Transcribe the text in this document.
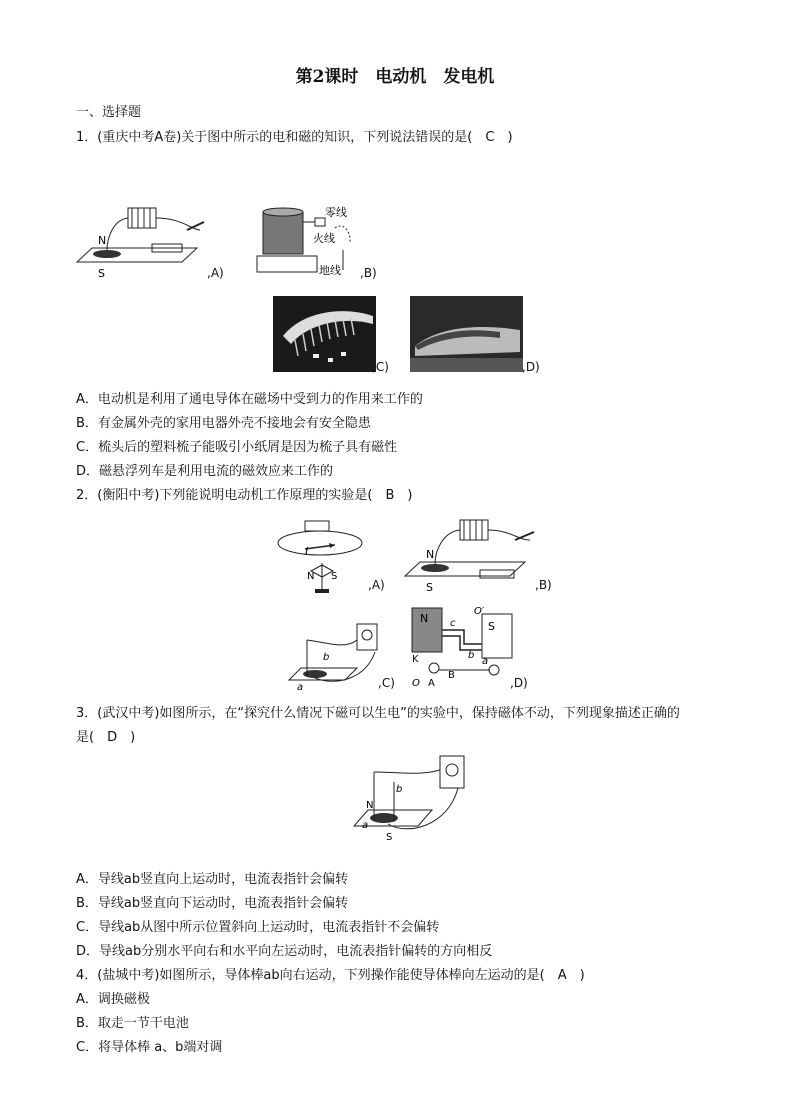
第2课时　电动机　发电机
一、选择题
1．(重庆中考A卷)关于图中所示的电和磁的知识，下列说法错误的是(　C　)
N
S	,A)
零线
火线
地线 ,B)
,C)	,D)
A．电动机是利用了通电导体在磁场中受到力的作用来工作的
B．有金属外壳的家用电器外壳不接地会有安全隐患
C．梳头后的塑料梳子能吸引小纸屑是因为梳子具有磁性
D．磁悬浮列车是利用电流的磁效应来工作的
2．(衡阳中考)下列能说明电动机工作原理的实验是(　B　)
I
N S
,A)
N
S	,B)
b
a	,C)
N
S
O′
c
b
a
K
O A
B
,D)
3．(武汉中考)如图所示，在“探究什么情况下磁可以生电”的实验中，保持磁体不动，下列现象描述正确的
是(　D　)
b
N
a
S
A．导线ab竖直向上运动时，电流表指针会偏转
B．导线ab竖直向下运动时，电流表指针会偏转
C．导线ab从图中所示位置斜向上运动时，电流表指针不会偏转
D．导线ab分别水平向右和水平向左运动时，电流表指针偏转的方向相反
4．(盐城中考)如图所示，导体棒ab向右运动，下列操作能使导体棒向左运动的是(　A　)
A．调换磁极
B．取走一节干电池
C．将导体棒 a、b端对调
